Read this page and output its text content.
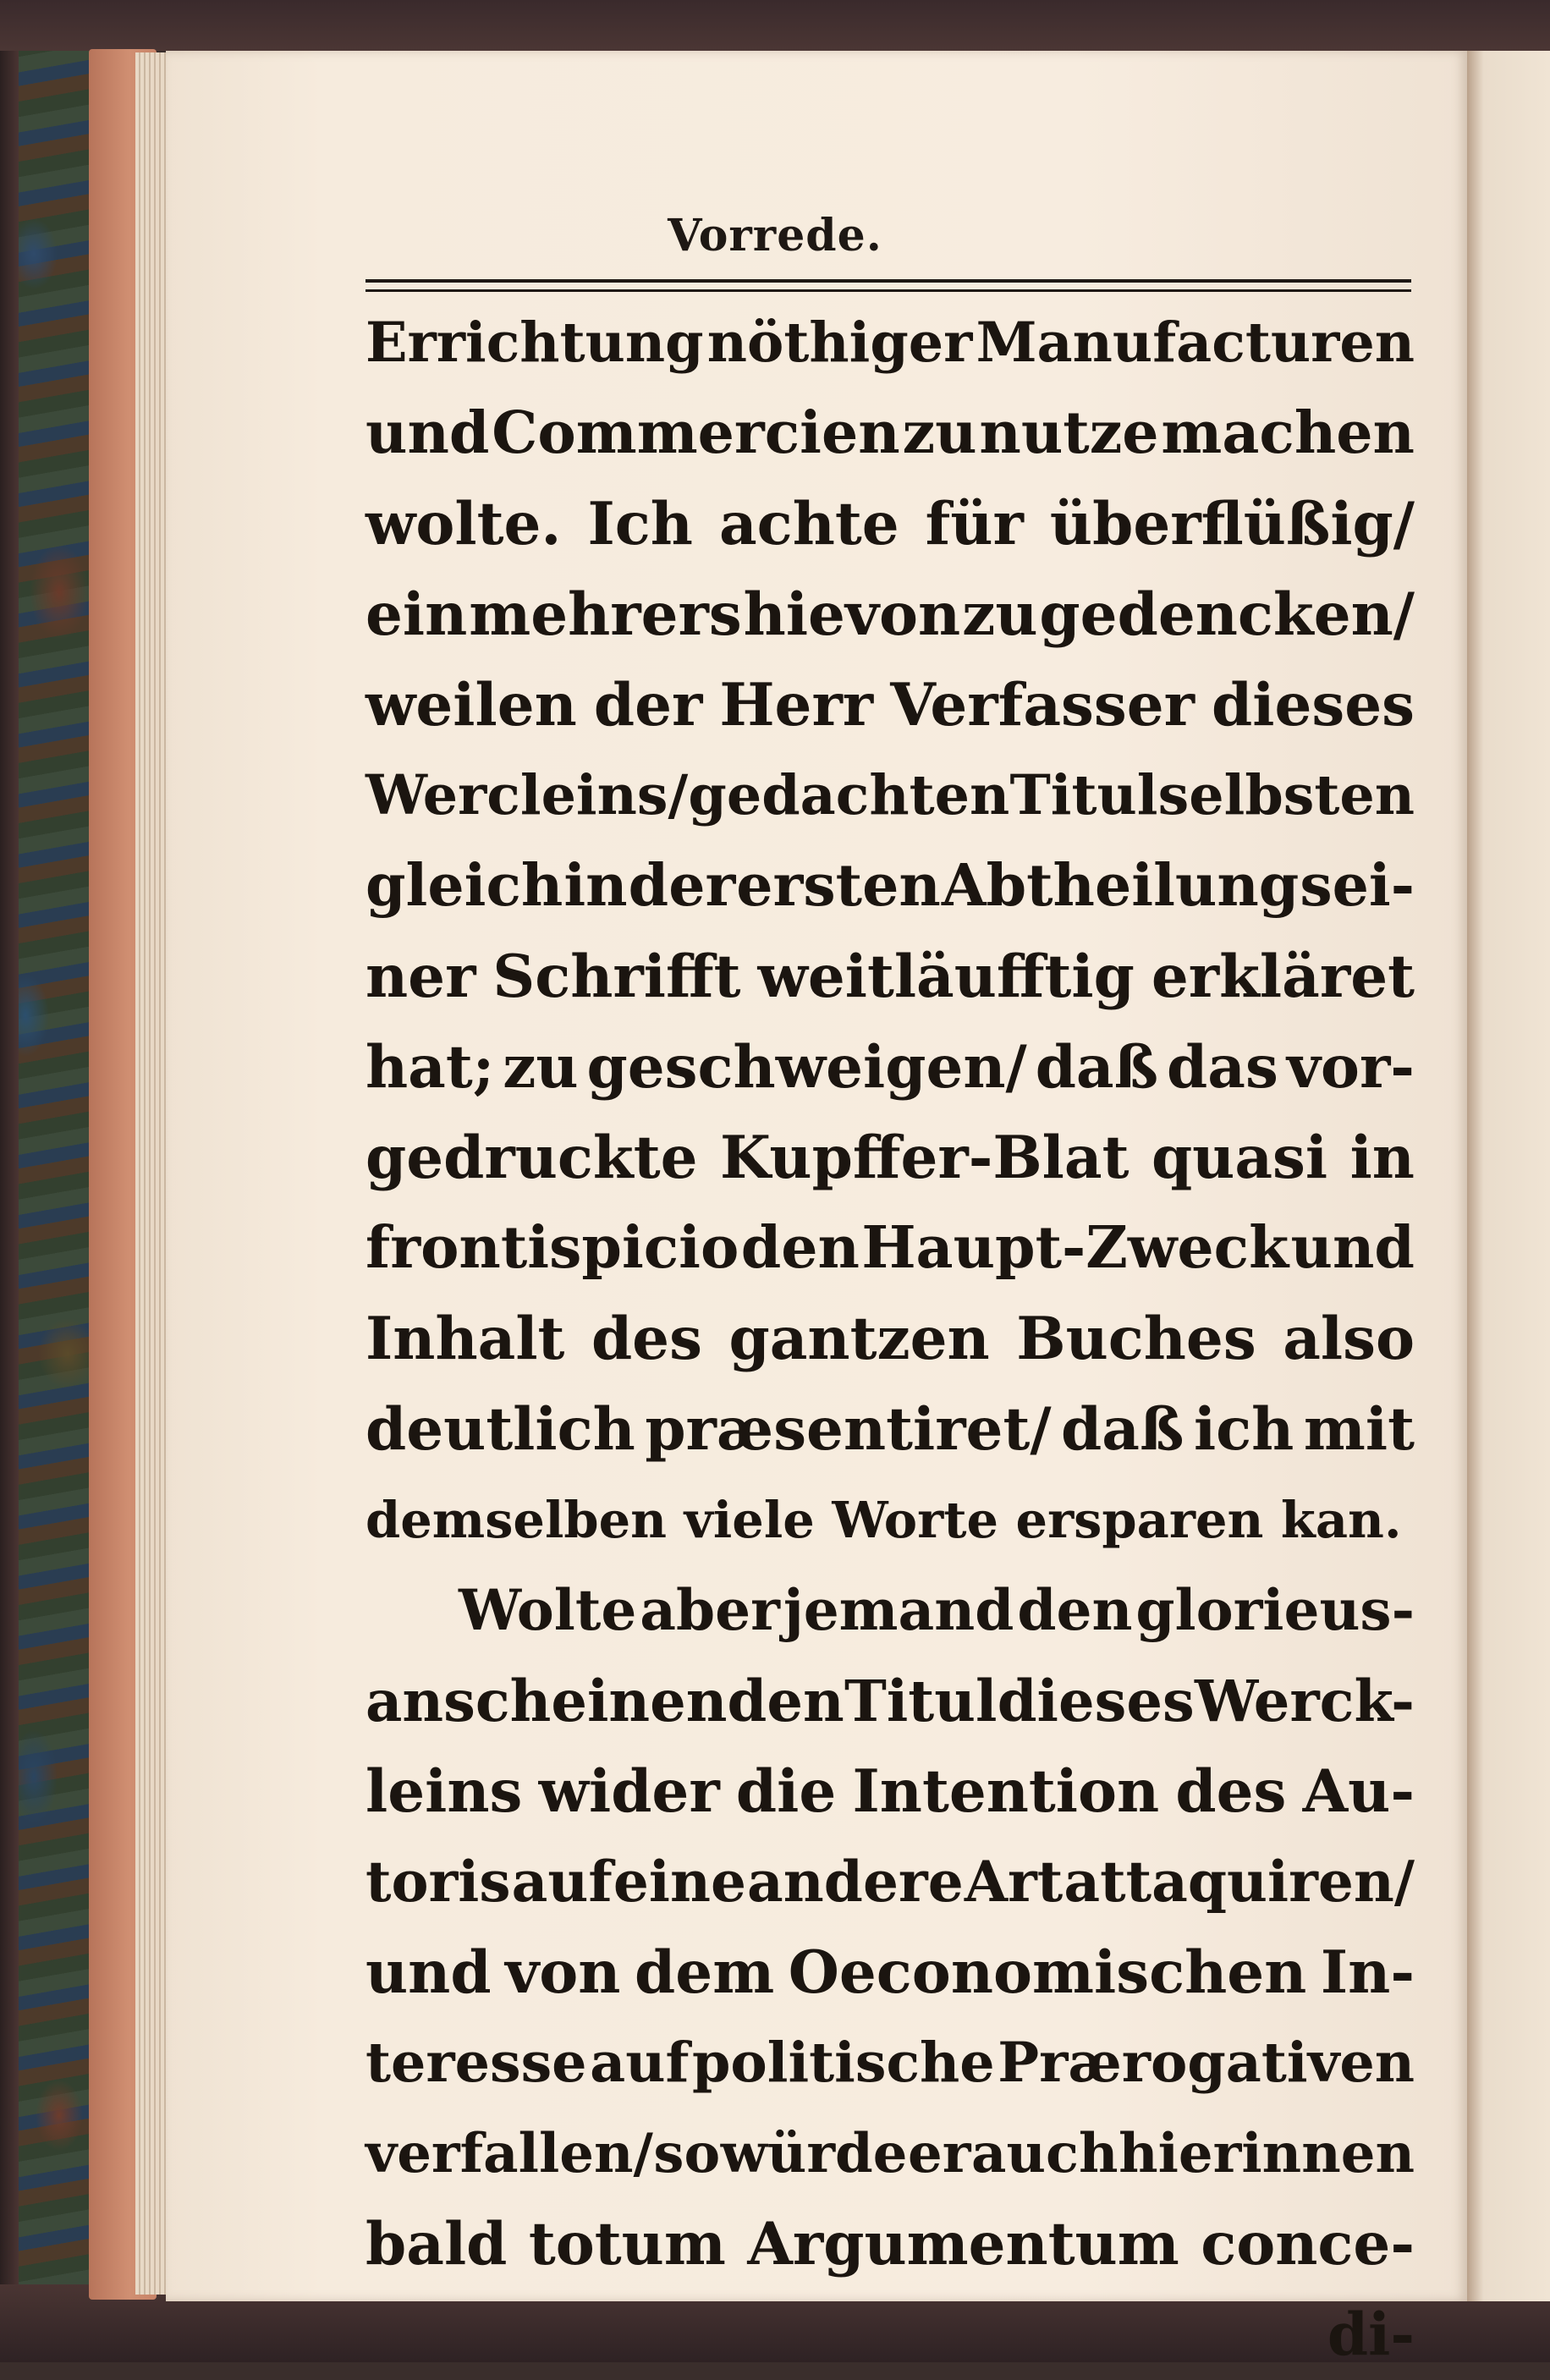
Vorrede.
Errichtung nöthiger Manufacturen
und Commercien zu nutze machen
wolte. Ich achte für überflüßig/
ein mehrers hievon zu gedencken/
weilen der Herr Verfasser dieses
Wercleins/ gedachten Titul selbsten
gleich in der ersten Abtheilung sei-
ner Schrifft weitläufftig erkläret
hat; zu geschweigen/ daß das vor-
gedruckte Kupffer-Blat quasi in
frontispicio den Haupt-Zweck und
Inhalt des gantzen Buches also
deutlich præsentiret/ daß ich mit
demselben viele Worte ersparen kan.
Wolte aber jemand den glorieus-
anscheinenden Titul dieses Werck-
leins wider die Intention des Au-
toris auf eine andere Art attaquiren/
und von dem Oeconomischen In-
teresse auf politische Prærogativen
verfallen/ so würde er auch hierinnen
bald totum Argumentum conce-
di-
